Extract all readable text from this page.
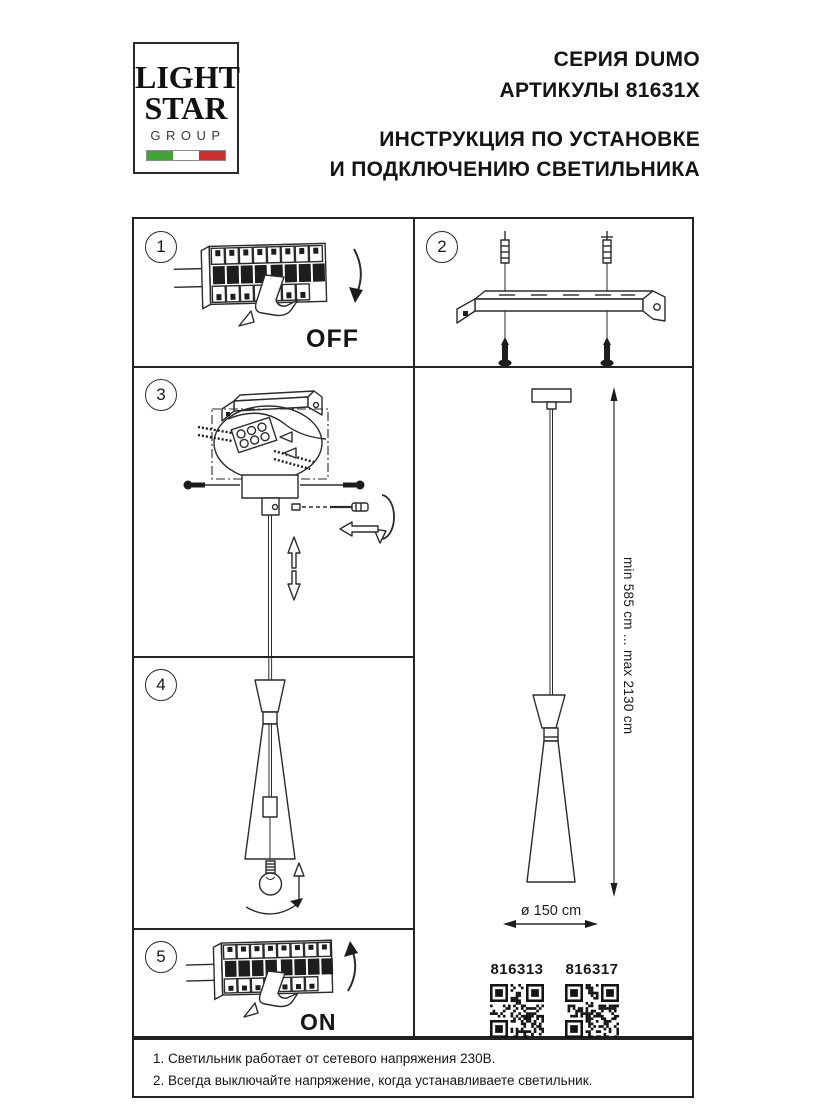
LIGHT
STAR
GROUP
СЕРИЯ DUMO
АРТИКУЛЫ 81631X
ИНСТРУКЦИЯ ПО УСТАНОВКЕ
И ПОДКЛЮЧЕНИЮ СВЕТИЛЬНИКА
1
OFF
2
3
4
5
ON
min 585 cm ... max 2130 cm
ø 150 cm
816313 816317
1. Светильник работает от сетевого напряжения 230В.
2. Всегда выключайте напряжение, когда устанавливаете светильник.
